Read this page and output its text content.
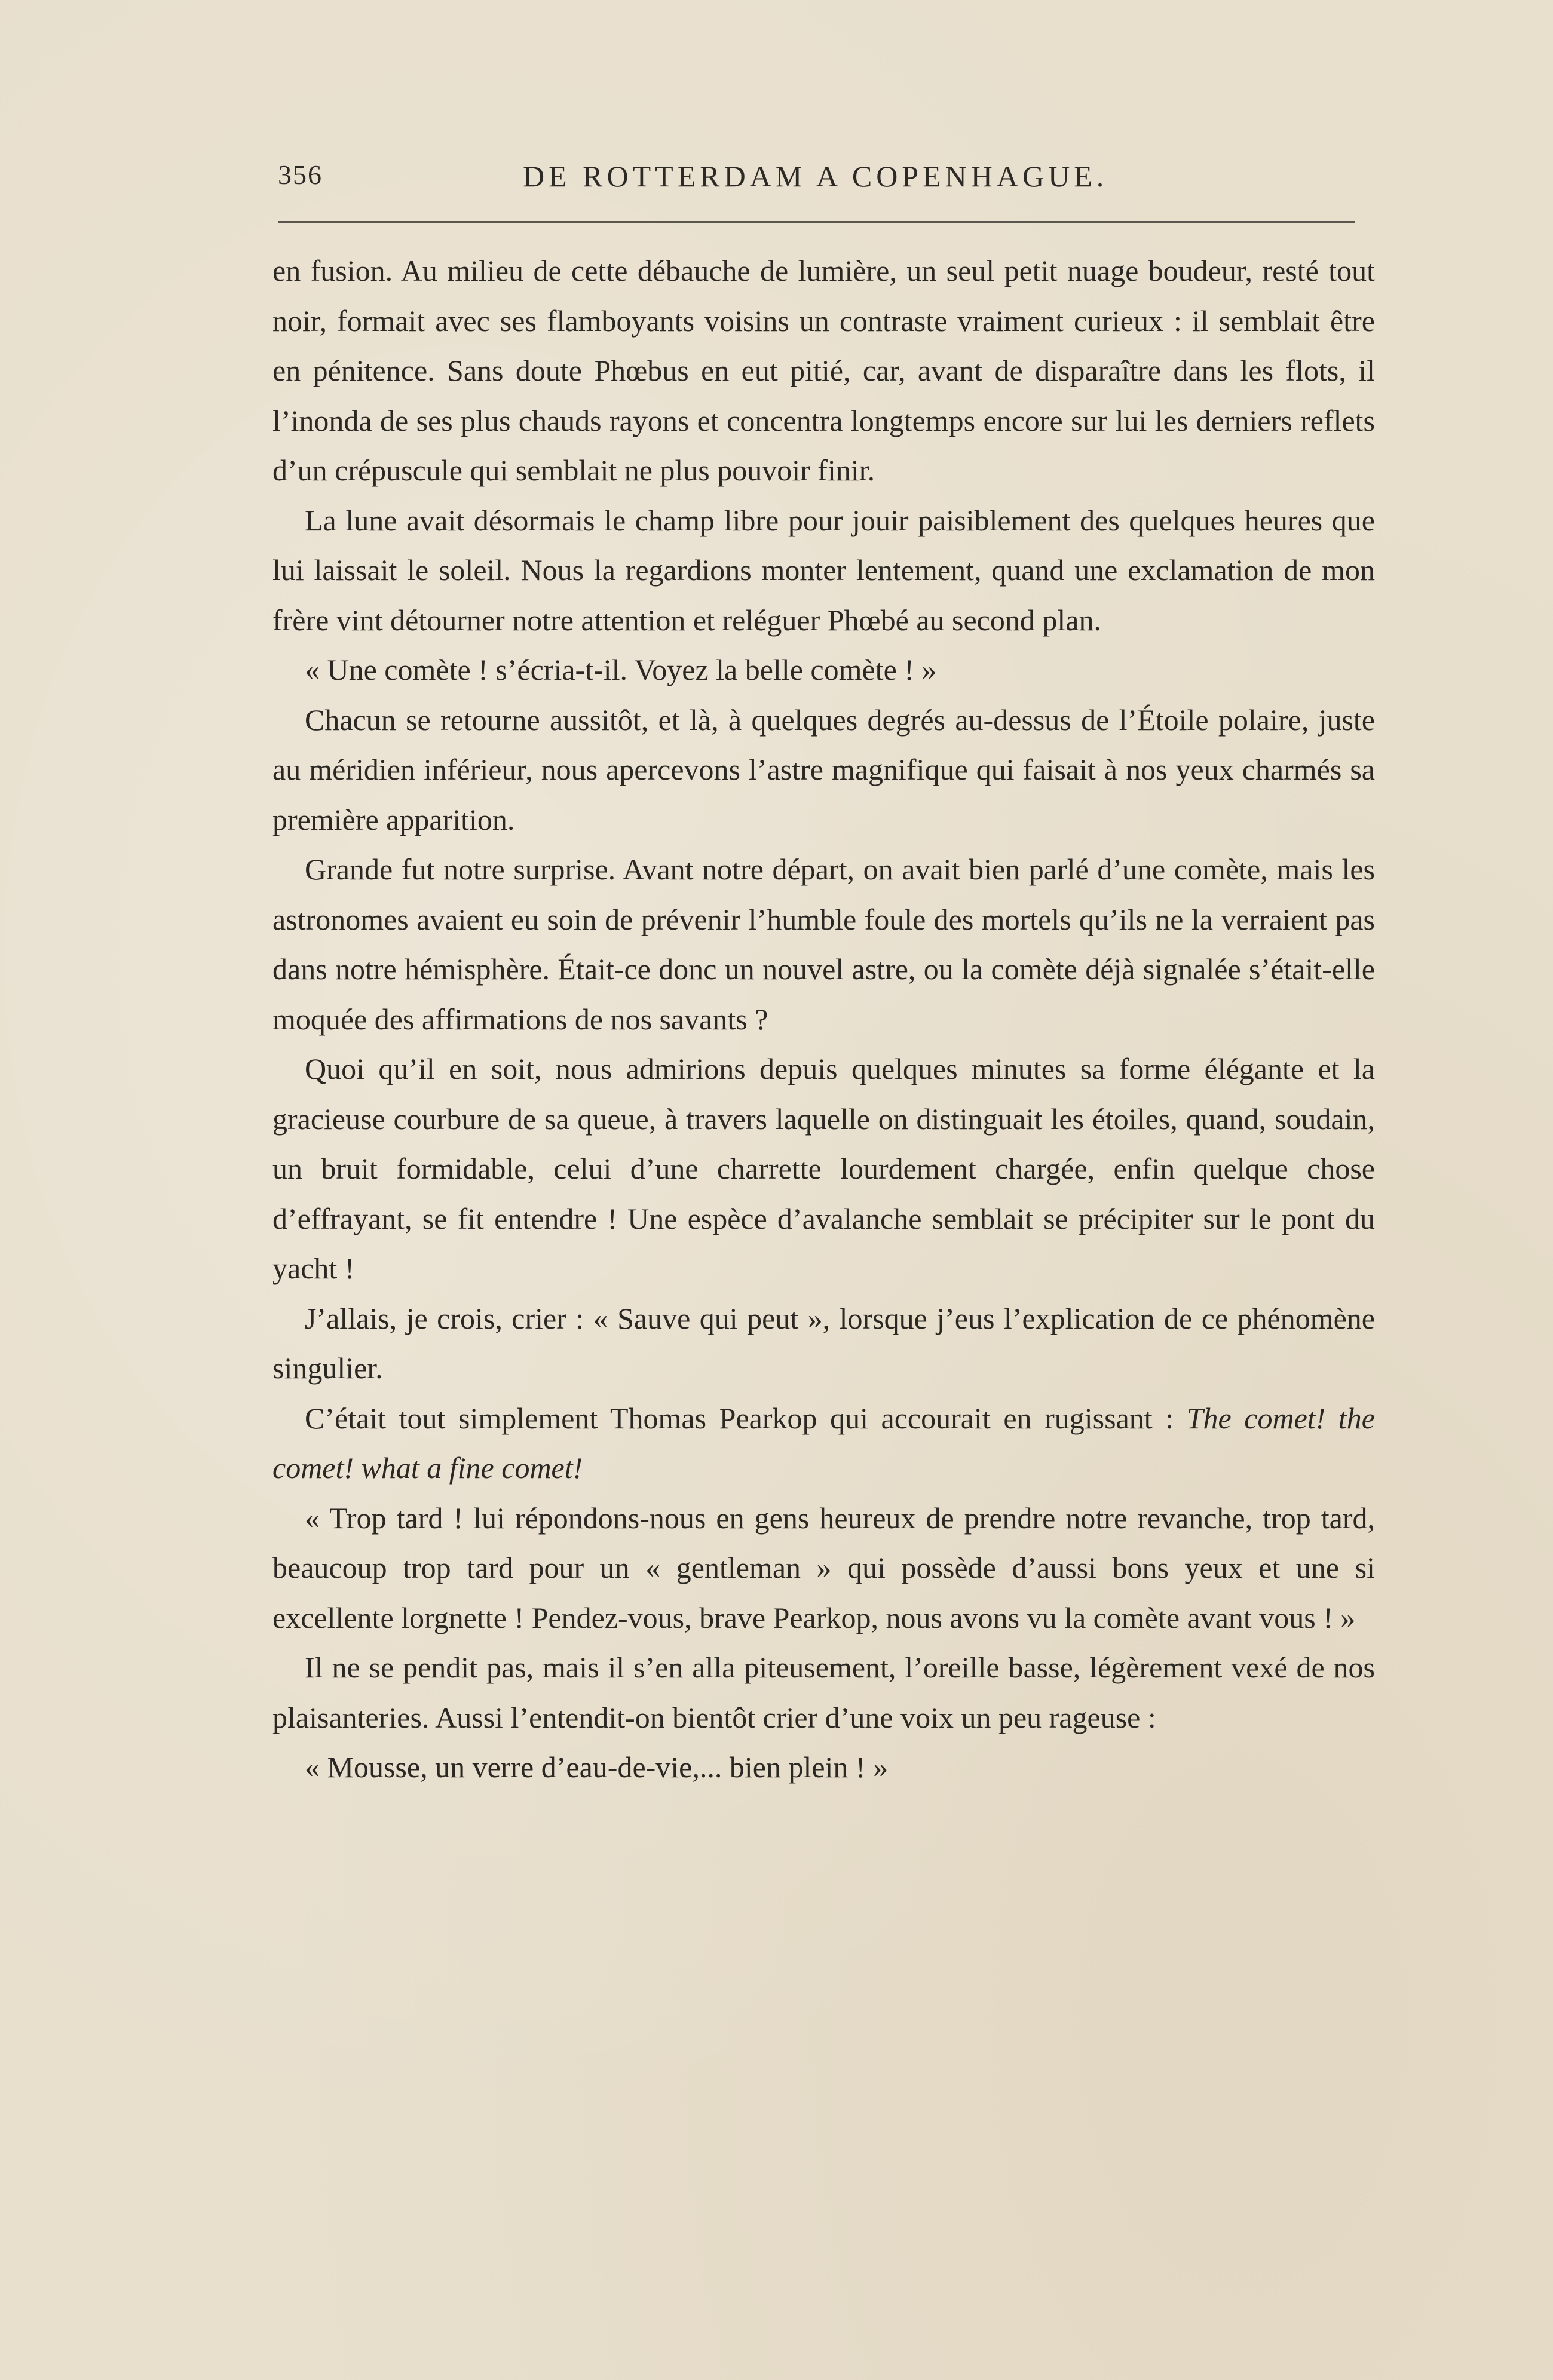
356	DE ROTTERDAM A COPENHAGUE.

en fusion. Au milieu de cette débauche de lumière, un seul petit nuage boudeur, resté tout noir, formait avec ses flamboyants voisins un contraste vraiment curieux : il semblait être en pénitence. Sans doute Phœbus en eut pitié, car, avant de disparaître dans les flots, il l’inonda de ses plus chauds rayons et concentra longtemps encore sur lui les derniers reflets d’un crépuscule qui semblait ne plus pouvoir finir.

La lune avait désormais le champ libre pour jouir paisiblement des quelques heures que lui laissait le soleil. Nous la regardions monter lentement, quand une exclamation de mon frère vint détourner notre attention et reléguer Phœbé au second plan.

« Une comète ! s’écria-t-il. Voyez la belle comète ! »

Chacun se retourne aussitôt, et là, à quelques degrés au-dessus de l’Étoile polaire, juste au méridien inférieur, nous apercevons l’astre magnifique qui faisait à nos yeux charmés sa première apparition.

Grande fut notre surprise. Avant notre départ, on avait bien parlé d’une comète, mais les astronomes avaient eu soin de prévenir l’humble foule des mortels qu’ils ne la verraient pas dans notre hémisphère. Était-ce donc un nouvel astre, ou la comète déjà signalée s’était-elle moquée des affirmations de nos savants ?

Quoi qu’il en soit, nous admirions depuis quelques minutes sa forme élégante et la gracieuse courbure de sa queue, à travers laquelle on distinguait les étoiles, quand, soudain, un bruit formidable, celui d’une charrette lourdement chargée, enfin quelque chose d’effrayant, se fit entendre ! Une espèce d’avalanche semblait se précipiter sur le pont du yacht !

J’allais, je crois, crier : « Sauve qui peut », lorsque j’eus l’explication de ce phénomène singulier.

C’était tout simplement Thomas Pearkop qui accourait en rugissant : The comet! the comet! what a fine comet!

« Trop tard ! lui répondons-nous en gens heureux de prendre notre revanche, trop tard, beaucoup trop tard pour un « gentleman » qui possède d’aussi bons yeux et une si excellente lorgnette ! Pendez-vous, brave Pearkop, nous avons vu la comète avant vous ! »

Il ne se pendit pas, mais il s’en alla piteusement, l’oreille basse, légèrement vexé de nos plaisanteries. Aussi l’entendit-on bientôt crier d’une voix un peu rageuse :

« Mousse, un verre d’eau-de-vie,... bien plein ! »
